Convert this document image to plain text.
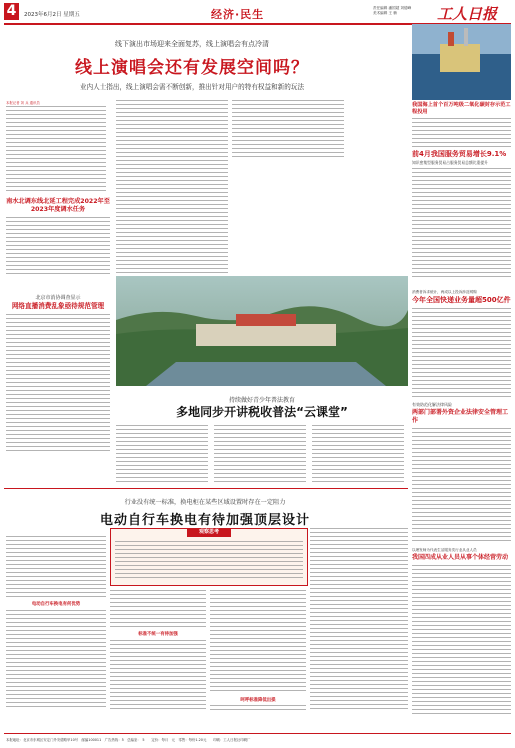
4	2023年6月2日 星期五	经济·民生	责任编辑 潘国超 刘德峰
美术编辑 王 楠	工人日报
线下演出市场迎来全面复苏，线上演唱会有点冷清
线上演唱会还有发展空间吗？
业内人士指出，线上演唱会需不断创新，推出针对用户的特有权益和新的玩法
本报记者 刘 兵 通讯员
南水北调东线北延工程完成2022年至2023年度调水任务
北京市消协调查显示
网络直播消费乱象亟待规范管理
持续做好青少年普法教育
多地同步开讲税收普法“云课堂”
我国海上首个百万吨级二氧化碳封存示范工程投用
前4月我国服务贸易增长9.1%
知识密集型服务贸易占服务贸易总额比重提升
消费者诉求统计，两成以上投诉涉及网购
今年全国快递业务量超500亿件
有效防范化解法律风险
两部门部署外资企业法律安全管理工作
以理发师为代表生活服务类行业从业人员
我国四成从业人员从事个体经营劳动
行业没有统一标准，换电柜在某些区域设置时存在一定阻力
电动自行车换电有待加强顶层设计
电动自行车换电有何优势
观察思考
标准不统一有待加强
呵呼标准降低出损
本报地址：北京市东城区安定门外安德路甲10号　邮编100011　广告热线：5　总编室：　5　　定价：每月　元　零售：每份1.20元　　印刷：工人日报社印刷厂
